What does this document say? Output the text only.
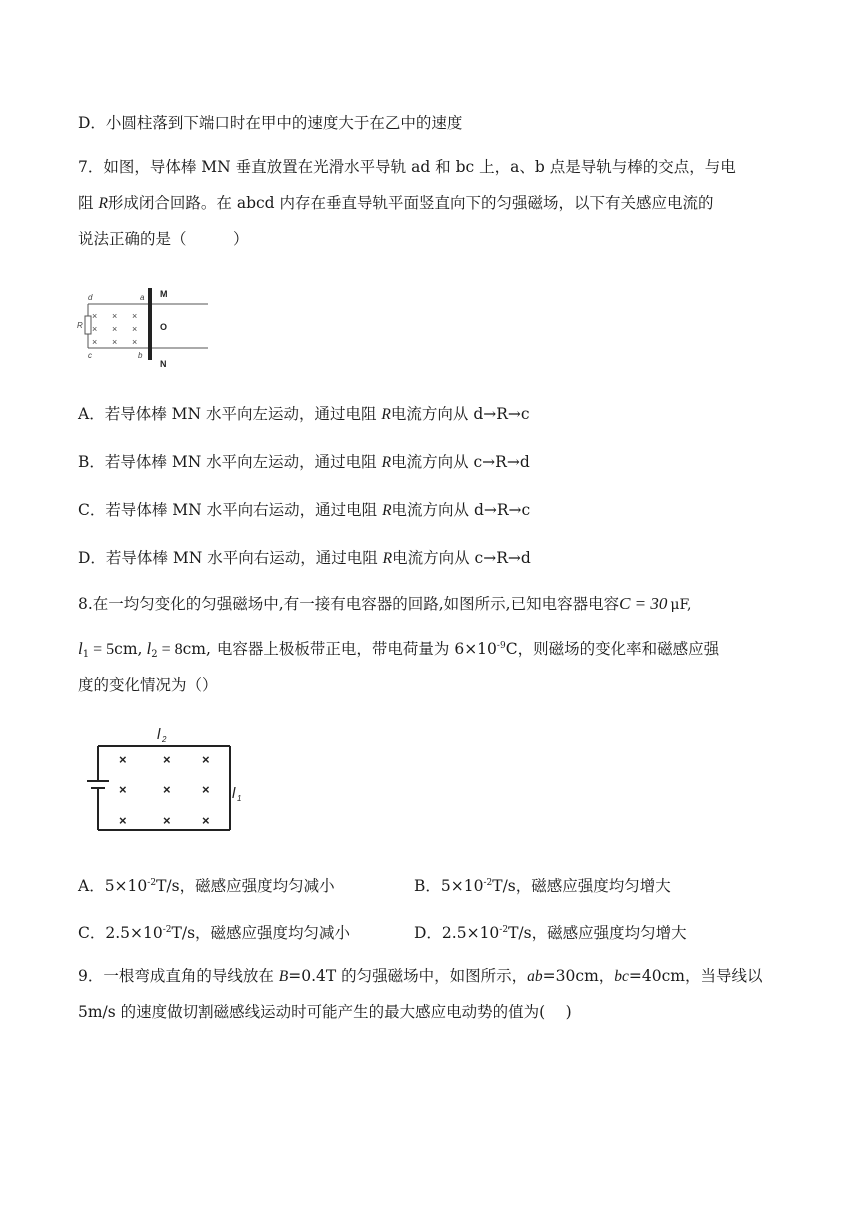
D．小圆柱落到下端口时在甲中的速度大于在乙中的速度
7．如图，导体棒 MN 垂直放置在光滑水平导轨 ad 和 bc 上，a、b 点是导轨与棒的交点，与电
阻 R形成闭合回路。在 abcd 内存在垂直导轨平面竖直向下的匀强磁场，以下有关感应电流的
说法正确的是（　　　）
× × ×
× × ×
× × ×
d	a
c	b
R
M
O
N
A．若导体棒 MN 水平向左运动，通过电阻 R电流方向从 d→R→c
B．若导体棒 MN 水平向左运动，通过电阻 R电流方向从 c→R→d
C．若导体棒 MN 水平向右运动，通过电阻 R电流方向从 d→R→c
D．若导体棒 MN 水平向右运动，通过电阻 R电流方向从 c→R→d
8.在一均匀变化的匀强磁场中,有一接有电容器的回路,如图所示,已知电容器电容C = 30 μF,
$l_1 = 5cm$, $l_2 = 8cm$, 电容器上极板带正电，带电荷量为 $6\times 10^{-9}C$，则磁场的变化率和磁感应强
度的变化情况为（）
×	× ×
×	× ×
×	× ×
l 2
l 1
A．$5\times 10^{-2}T/s$，磁感应强度均匀减小	B．$5\times 10^{-2}T/s$，磁感应强度均匀增大
C．$2.5\times 10^{-2}T/s$，磁感应强度均匀减小	D．$2.5\times 10^{-2}T/s$，磁感应强度均匀增大
9．一根弯成直角的导线放在 B=0.4T 的匀强磁场中，如图所示，ab=30cm，bc=40cm，当导线以
5m/s 的速度做切割磁感线运动时可能产生的最大感应电动势的值为(　 )
